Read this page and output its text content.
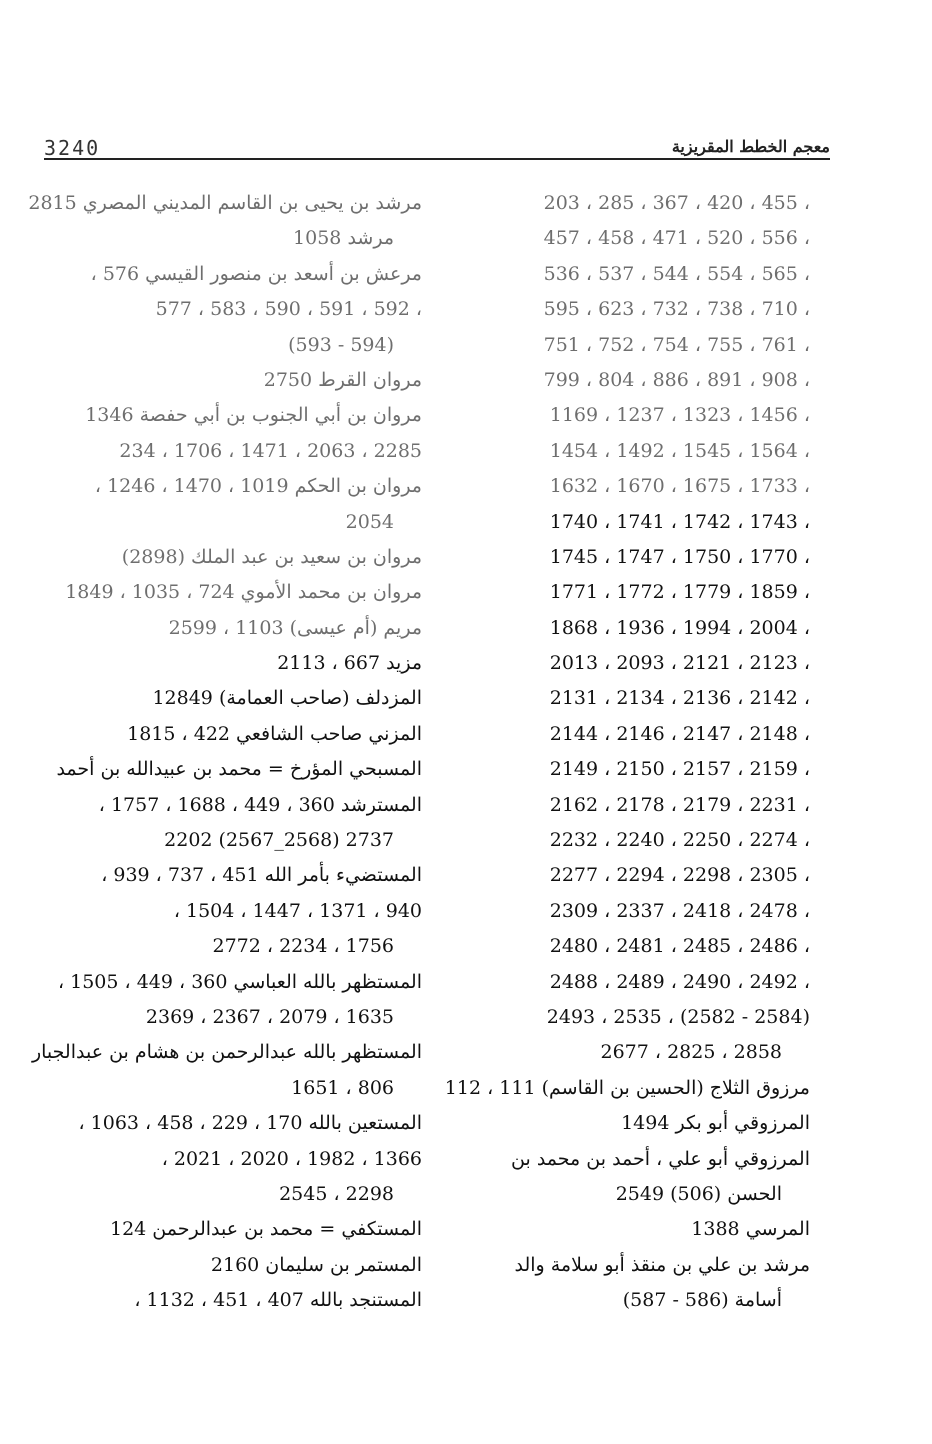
3240	معجم الخطط المقريزية
، 455 ، 420 ، 367 ، 285 ، 203
، 556 ، 520 ، 471 ، 458 ، 457
، 565 ، 554 ، 544 ، 537 ، 536
، 710 ، 738 ، 732 ، 623 ، 595
، 761 ، 755 ، 754 ، 752 ، 751
، 908 ، 891 ، 886 ، 804 ، 799
، 1456 ، 1323 ، 1237 ، 1169
، 1564 ، 1545 ، 1492 ، 1454
، 1733 ، 1675 ، 1670 ، 1632
، 1743 ، 1742 ، 1741 ، 1740
، 1770 ، 1750 ، 1747 ، 1745
، 1859 ، 1779 ، 1772 ، 1771
، 2004 ، 1994 ، 1936 ، 1868
، 2123 ، 2121 ، 2093 ، 2013
، 2142 ، 2136 ، 2134 ، 2131
، 2148 ، 2147 ، 2146 ، 2144
، 2159 ، 2157 ، 2150 ، 2149
، 2231 ، 2179 ، 2178 ، 2162
، 2274 ، 2250 ، 2240 ، 2232
، 2305 ، 2298 ، 2294 ، 2277
، 2478 ، 2418 ، 2337 ، 2309
، 2486 ، 2485 ، 2481 ، 2480
، 2492 ، 2490 ، 2489 ، 2488
(2584 - 2582) ، 2535 ، 2493
2858 ، 2825 ، 2677
مرزوق الثلاج (الحسين بن القاسم) 111 ، 112
المرزوقي أبو بكر 1494
المرزوقي أبو علي ، أحمد بن محمد بن
الحسن (506) 2549
المرسي 1388
مرشد بن علي بن منقذ أبو سلامة والد
أسامة (586 - 587)
مرشد بن يحيى بن القاسم المديني المصري 2815
مرشد 1058
مرعش بن أسعد بن منصور القيسي 576 ،
، 592 ، 591 ، 590 ، 583 ، 577
(594 - 593)
مروان القرط 2750
مروان بن أبي الجنوب بن أبي حفصة 1346
2285 ، 2063 ، 1471 ، 1706 ، 234
مروان بن الحكم 1019 ، 1470 ، 1246 ،
2054
مروان بن سعيد بن عبد الملك (2898)
مروان بن محمد الأموي 724 ، 1035 ، 1849
مريم (أم عيسى) 1103 ، 2599
مزيد 667 ، 2113
المزدلف (صاحب العمامة) 12849
المزني صاحب الشافعي 422 ، 1815
المسبحي المؤرخ = محمد بن عبيدالله بن أحمد
المسترشد 360 ، 449 ، 1688 ، 1757 ،
2737 (2568_2567) 2202
المستضيء بأمر الله 451 ، 737 ، 939 ،
940 ، 1371 ، 1447 ، 1504 ،
1756 ، 2234 ، 2772
المستظهر بالله العباسي 360 ، 449 ، 1505 ،
1635 ، 2079 ، 2367 ، 2369
المستظهر بالله عبدالرحمن بن هشام بن عبدالجبار
806 ، 1651
المستعين بالله 170 ، 229 ، 458 ، 1063 ،
1366 ، 1982 ، 2020 ، 2021 ،
2298 ، 2545
المستكفي = محمد بن عبدالرحمن 124
المستمر بن سليمان 2160
المستنجد بالله 407 ، 451 ، 1132 ،
